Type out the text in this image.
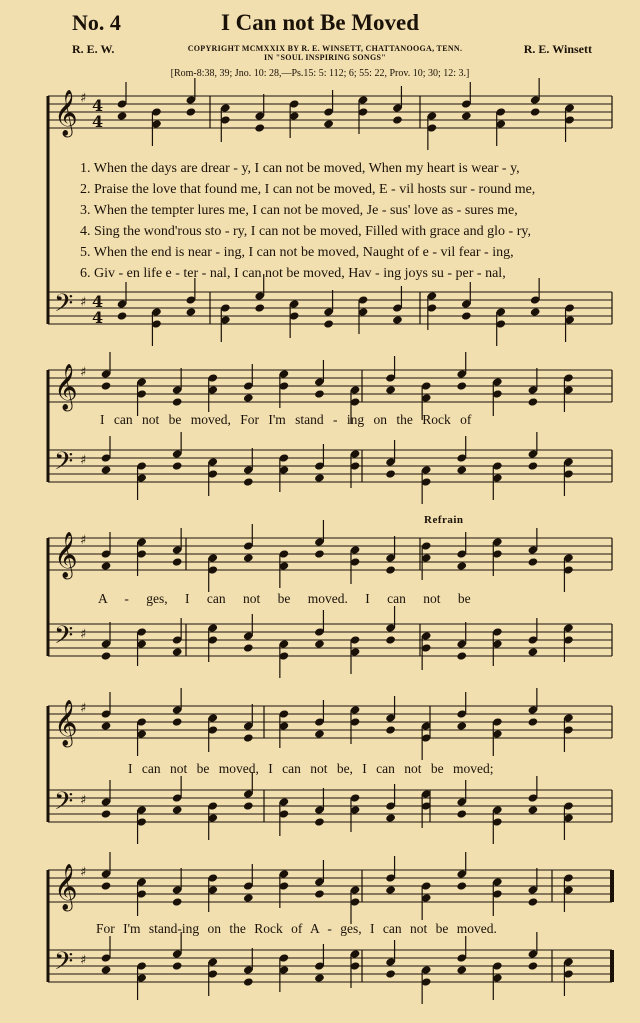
No. 4	I Can not Be Moved
R. E. W.	R. E. Winsett
COPYRIGHT MCMXXIX BY R. E. WINSETT, CHATTANOOGA, TENN.
IN "SOUL INSPIRING SONGS"
[Rom-8:38, 39; Jno. 10: 28,—Ps.15: 5: 112; 6; 55: 22, Prov. 10; 30; 12: 3.]
𝄞 ♯ 4
4
𝄢 ♯ 4
4
𝄞 ♯
𝄢 ♯
𝄞 ♯
𝄢 ♯
𝄞 ♯
𝄢 ♯
𝄞 ♯
𝄢 ♯
1. When the days are drear - y, I can not be moved, When my heart is wear - y,
2. Praise the love that found me, I can not be moved, E - vil hosts sur - round me,
3. When the tempter lures me, I can not be moved, Je - sus' love as - sures me,
4. Sing the wond'rous sto - ry, I can not be moved, Filled with grace and glo - ry,
5. When the end is near - ing, I can not be moved, Naught of e - vil fear - ing,
6. Giv - en life e - ter - nal, I can not be moved, Hav - ing joys su - per - nal,
I can not be moved, For I'm stand - ing on the Rock of
Refrain
A - ges, I can not be moved. I can not be
I can not be moved, I can not be, I can not be moved;
For I'm stand-ing on the Rock of A - ges, I can not be moved.
